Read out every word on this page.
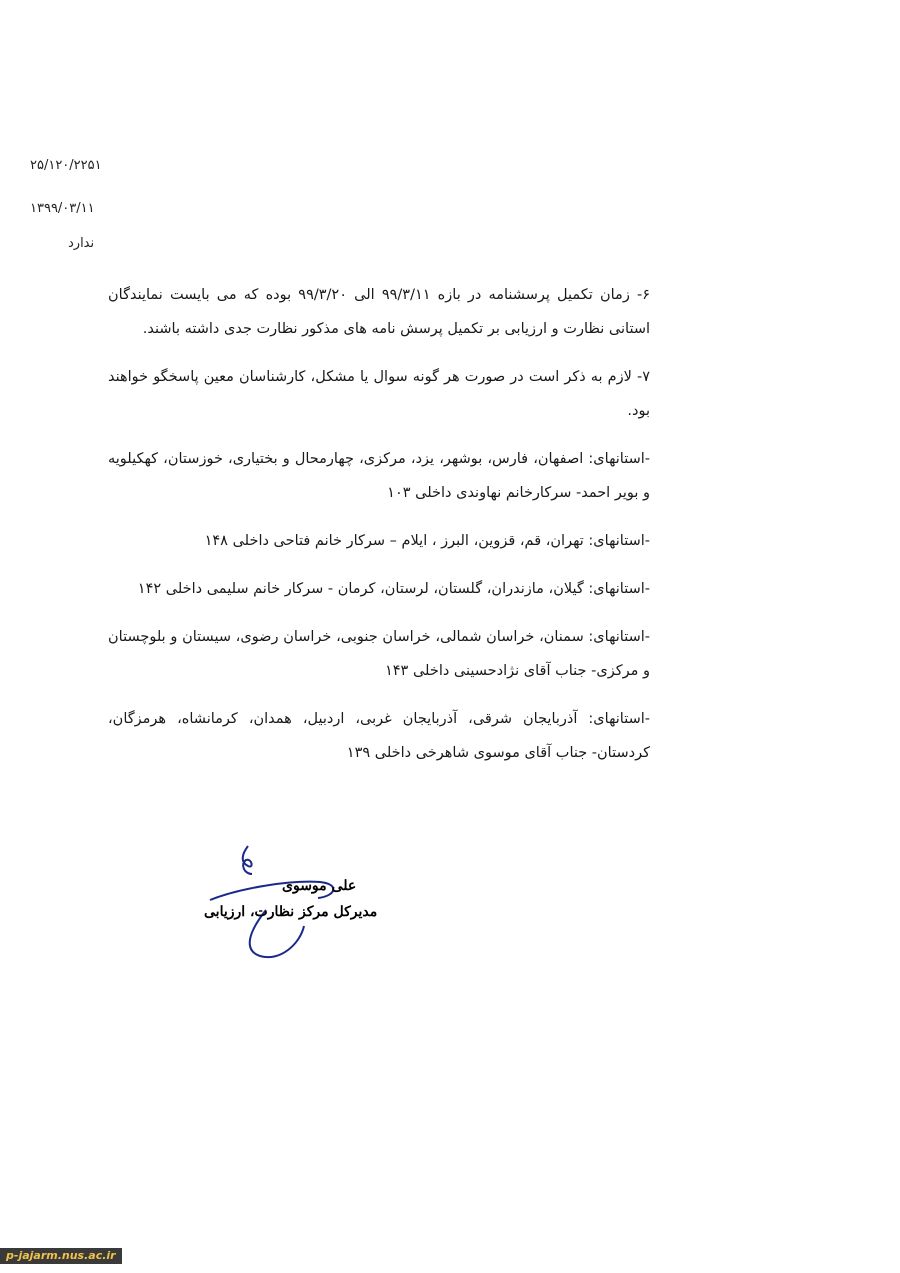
۲۵/۱۲۰/۲۲۵۱
۱۳۹۹/۰۳/۱۱
ندارد

۶- زمان تکمیل پرسشنامه در بازه ۹۹/۳/۱۱ الی ۹۹/۳/۲۰ بوده که می بایست نمایندگان استانی نظارت و ارزیابی بر تکمیل پرسش نامه های مذکور نظارت جدی داشته باشند.

۷- لازم به ذکر است در صورت هر گونه سوال یا مشکل، کارشناسان معین پاسخگو خواهند بود.

-استانهای: اصفهان، فارس، بوشهر، یزد، مرکزی، چهارمحال و بختیاری، خوزستان، کهکیلویه و بویر احمد- سرکارخانم نهاوندی داخلی ۱۰۳

-استانهای: تهران، قم، قزوین، البرز ، ایلام – سرکار خانم فتاحی داخلی ۱۴۸

-استانهای: گیلان، مازندران، گلستان، لرستان، کرمان - سرکار خانم سلیمی داخلی ۱۴۲

-استانهای: سمنان، خراسان شمالی، خراسان جنوبی، خراسان رضوی، سیستان و بلوچستان و مرکزی- جناب آقای نژادحسینی داخلی ۱۴۳

-استانهای: آذربایجان شرقی، آذربایجان غربی، اردبیل، همدان، کرمانشاه، هرمزگان، کردستان- جناب آقای موسوی شاهرخی داخلی ۱۳۹

علی موسوی
مدیرکل مرکز نظارت، ارزیابی
p-jajarm.nus.ac.ir
